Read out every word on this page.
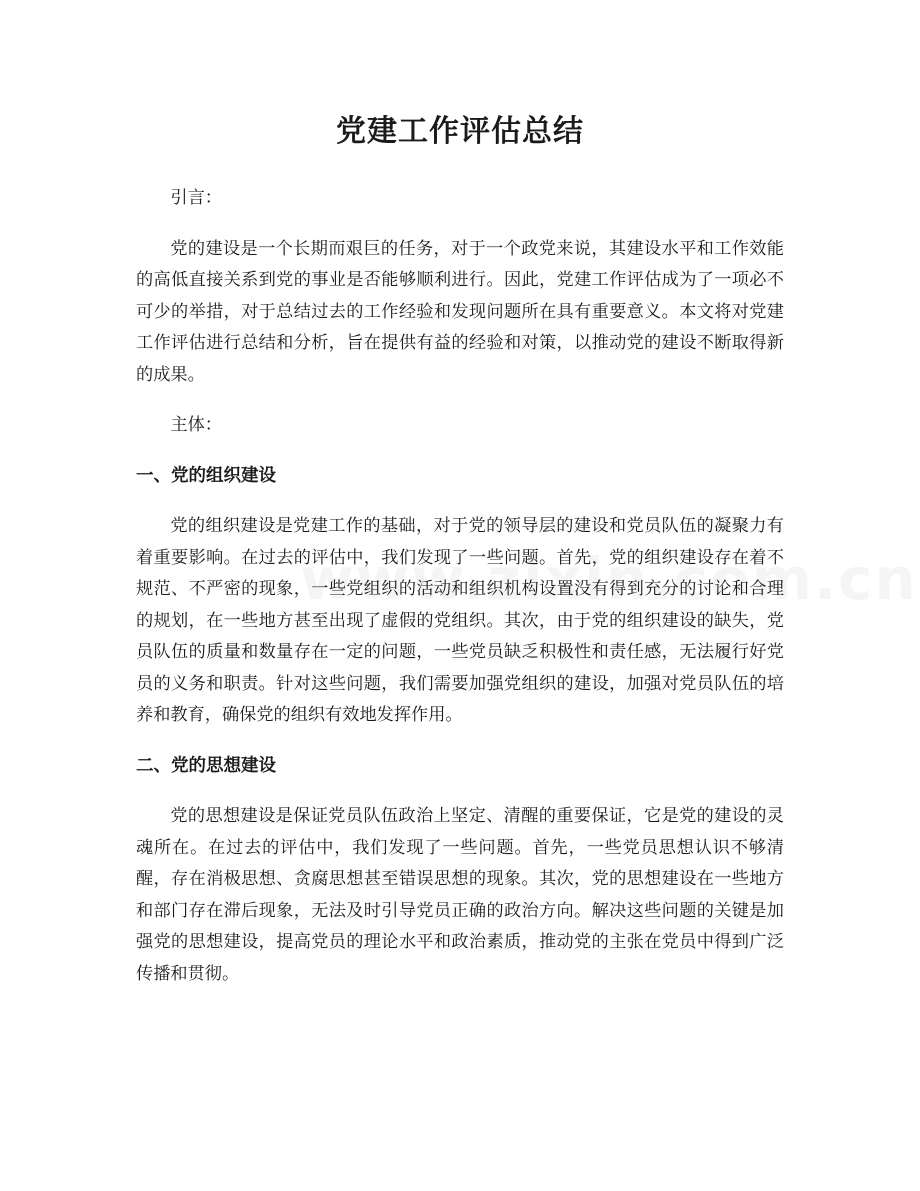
党建工作评估总结

引言：

党的建设是一个长期而艰巨的任务，对于一个政党来说，其建设水平和工作效能的高低直接关系到党的事业是否能够顺利进行。因此，党建工作评估成为了一项必不可少的举措，对于总结过去的工作经验和发现问题所在具有重要意义。本文将对党建工作评估进行总结和分析，旨在提供有益的经验和对策，以推动党的建设不断取得新的成果。

主体：

一、党的组织建设

党的组织建设是党建工作的基础，对于党的领导层的建设和党员队伍的凝聚力有着重要影响。在过去的评估中，我们发现了一些问题。首先，党的组织建设存在着不规范、不严密的现象，一些党组织的活动和组织机构设置没有得到充分的讨论和合理的规划，在一些地方甚至出现了虚假的党组织。其次，由于党的组织建设的缺失，党员队伍的质量和数量存在一定的问题，一些党员缺乏积极性和责任感，无法履行好党员的义务和职责。针对这些问题，我们需要加强党组织的建设，加强对党员队伍的培养和教育，确保党的组织有效地发挥作用。

二、党的思想建设

党的思想建设是保证党员队伍政治上坚定、清醒的重要保证，它是党的建设的灵魂所在。在过去的评估中，我们发现了一些问题。首先，一些党员思想认识不够清醒，存在消极思想、贪腐思想甚至错误思想的现象。其次，党的思想建设在一些地方和部门存在滞后现象，无法及时引导党员正确的政治方向。解决这些问题的关键是加强党的思想建设，提高党员的理论水平和政治素质，推动党的主张在党员中得到广泛传播和贯彻。
